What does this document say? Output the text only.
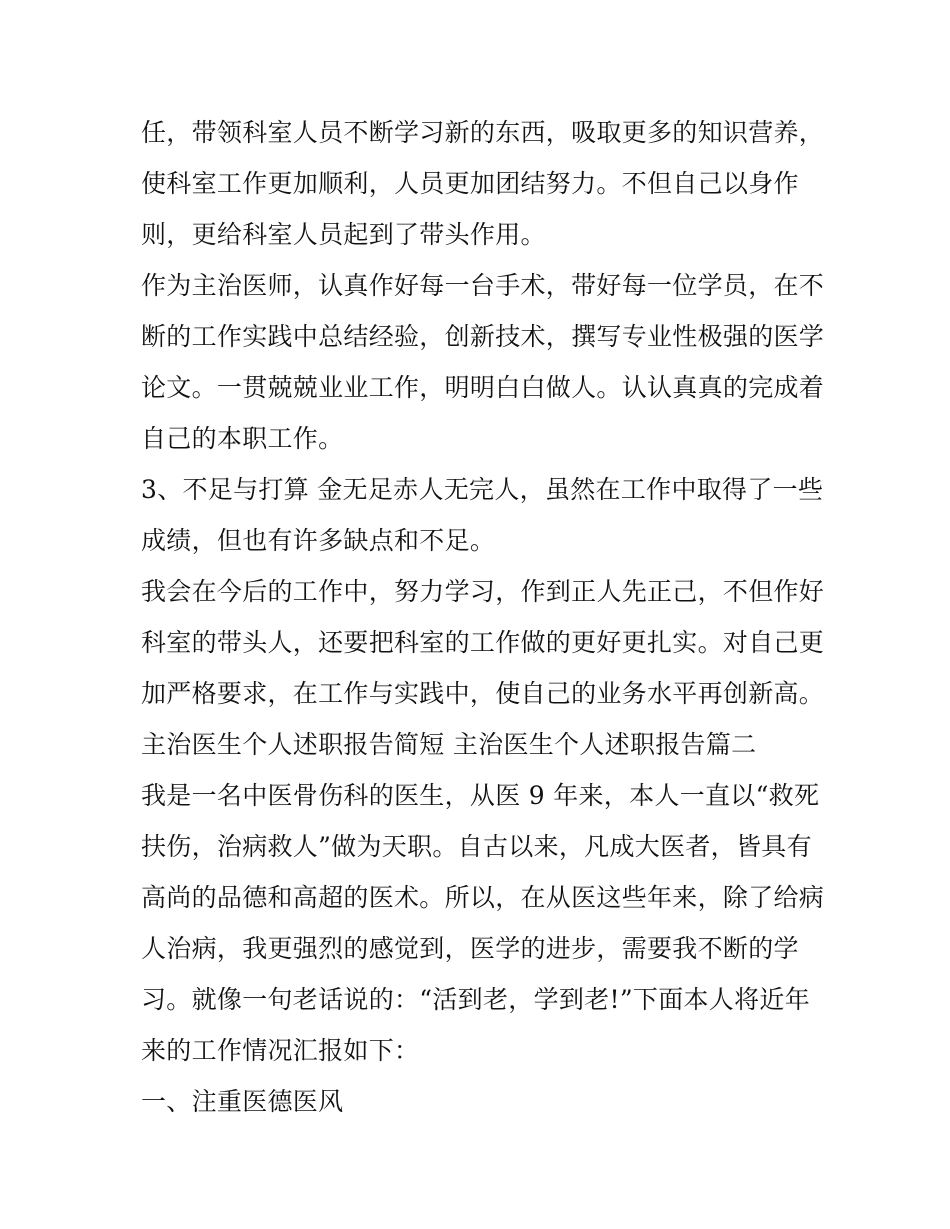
任，带领科室人员不断学习新的东西，吸取更多的知识营养，

使科室工作更加顺利，人员更加团结努力。不但自己以身作

则，更给科室人员起到了带头作用。

作为主治医师，认真作好每一台手术，带好每一位学员，在不

断的工作实践中总结经验，创新技术，撰写专业性极强的医学

论文。一贯兢兢业业工作，明明白白做人。认认真真的完成着

自己的本职工作。

3、不足与打算 金无足赤人无完人，虽然在工作中取得了一些

成绩，但也有许多缺点和不足。

我会在今后的工作中，努力学习，作到正人先正己，不但作好

科室的带头人，还要把科室的工作做的更好更扎实。对自己更

加严格要求，在工作与实践中，使自己的业务水平再创新高。

主治医生个人述职报告简短 主治医生个人述职报告篇二

我是一名中医骨伤科的医生，从医 9 年来，本人一直以“救死

扶伤，治病救人”做为天职。自古以来，凡成大医者，皆具有

高尚的品德和高超的医术。所以，在从医这些年来，除了给病

人治病，我更强烈的感觉到，医学的进步，需要我不断的学

习。就像一句老话说的：“活到老，学到老!”下面本人将近年

来的工作情况汇报如下：

一、注重医德医风
